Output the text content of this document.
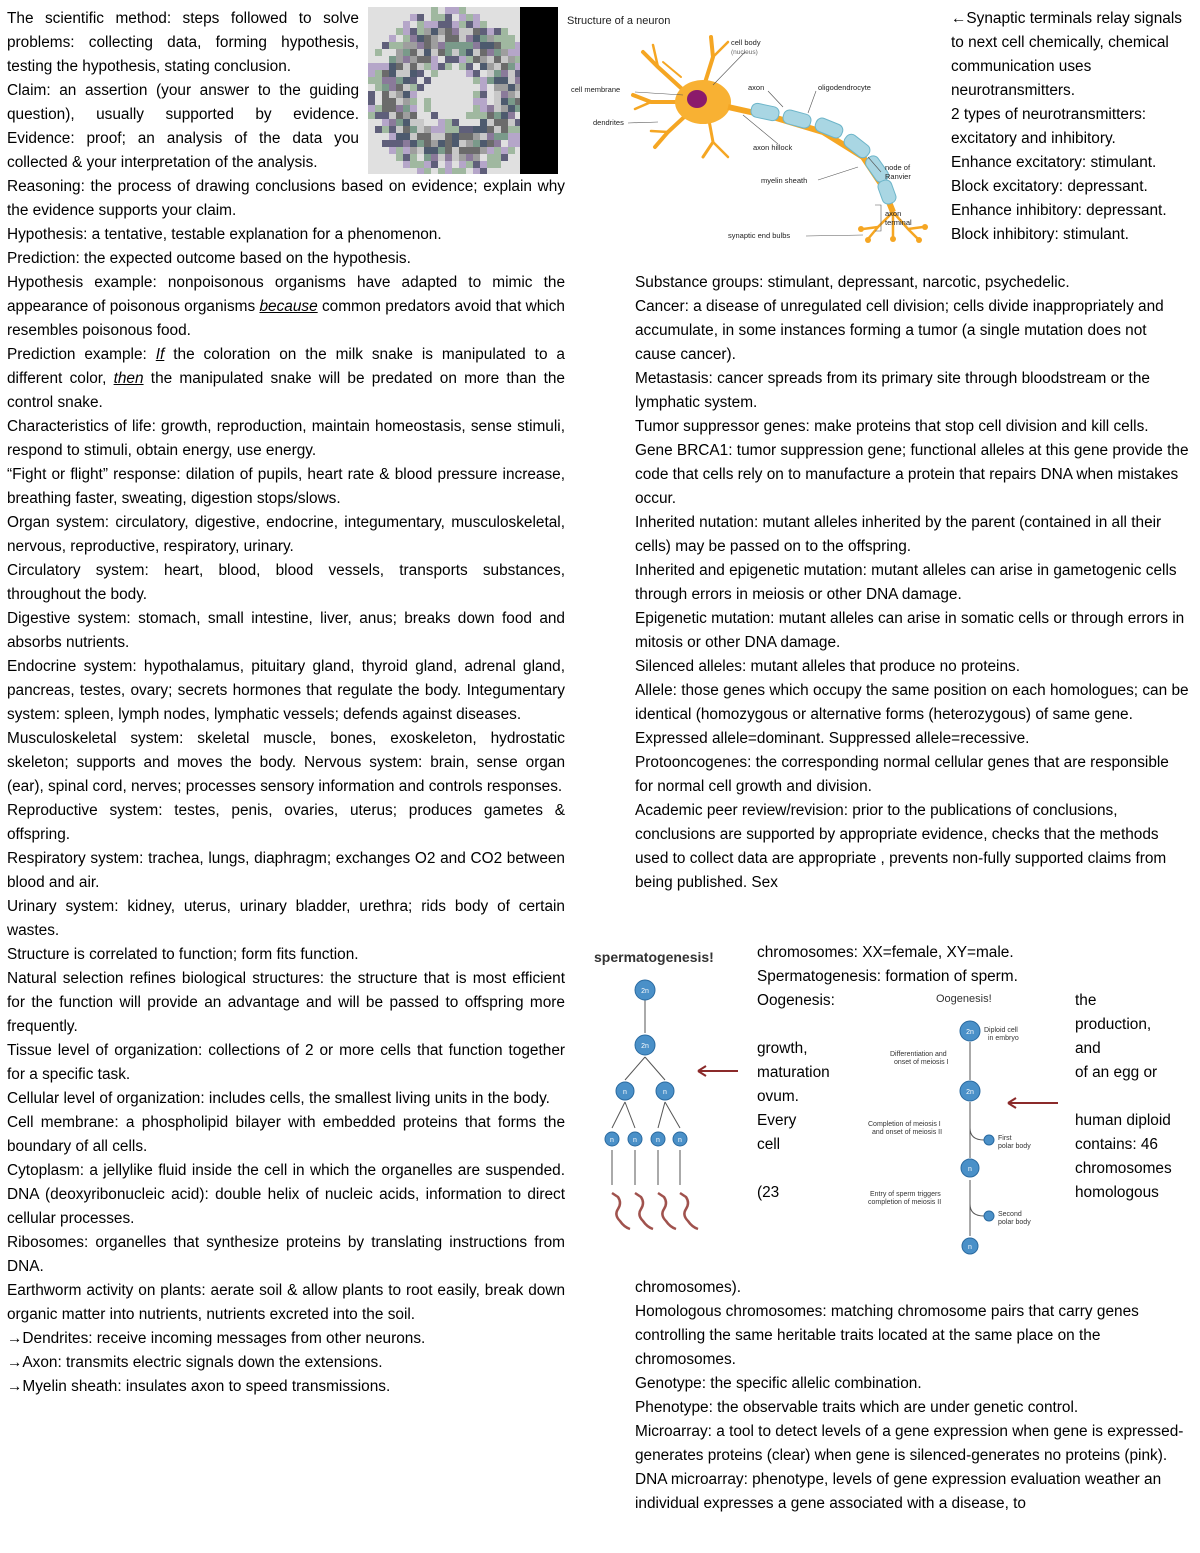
The scientific method: steps followed to solve problems: collecting data, forming hypothesis, testing the hypothesis, stating conclusion.

Claim: an assertion (your answer to the guiding question), usually supported by evidence. Evidence: proof; an analysis of the data you collected & your interpretation of the analysis.

Reasoning: the process of drawing conclusions based on evidence; explain why the evidence supports your claim.

Hypothesis: a tentative, testable explanation for a phenomenon.

Prediction: the expected outcome based on the hypothesis.

Hypothesis example: nonpoisonous organisms have adapted to mimic the appearance of poisonous organisms because common predators avoid that which resembles poisonous food.

Prediction example: If the coloration on the milk snake is manipulated to a different color, then the manipulated snake will be predated on more than the control snake.

Characteristics of life: growth, reproduction, maintain homeostasis, sense stimuli, respond to stimuli, obtain energy, use energy.

“Fight or flight” response: dilation of pupils, heart rate & blood pressure increase, breathing faster, sweating, digestion stops/slows.

Organ system: circulatory, digestive, endocrine, integumentary, musculoskeletal, nervous, reproductive, respiratory, urinary.

Circulatory system: heart, blood, blood vessels, transports substances, throughout the body.

Digestive system: stomach, small intestine, liver, anus; breaks down food and absorbs nutrients.

Endocrine system: hypothalamus, pituitary gland, thyroid gland, adrenal gland, pancreas, testes, ovary; secrets hormones that regulate the body. Integumentary system: spleen, lymph nodes, lymphatic vessels; defends against diseases.

Musculoskeletal system: skeletal muscle, bones, exoskeleton, hydrostatic skeleton; supports and moves the body. Nervous system: brain, sense organ (ear), spinal cord, nerves; processes sensory information and controls responses.

Reproductive system: testes, penis, ovaries, uterus; produces gametes & offspring.

Respiratory system: trachea, lungs, diaphragm; exchanges O2 and CO2 between blood and air.

Urinary system: kidney, uterus, urinary bladder, urethra; rids body of certain wastes.

Structure is correlated to function; form fits function.

Natural selection refines biological structures: the structure that is most efficient for the function will provide an advantage and will be passed to offspring more frequently.

Tissue level of organization: collections of 2 or more cells that function together for a specific task.

Cellular level of organization: includes cells, the smallest living units in the body.

Cell membrane: a phospholipid bilayer with embedded proteins that forms the boundary of all cells.

Cytoplasm: a jellylike fluid inside the cell in which the organelles are suspended. DNA (deoxyribonucleic acid): double helix of nucleic acids, information to direct cellular processes.

Ribosomes: organelles that synthesize proteins by translating instructions from DNA.

Earthworm activity on plants: aerate soil & allow plants to root easily, break down organic matter into nutrients, nutrients excreted into the soil.

→Dendrites: receive incoming messages from other neurons.

→Axon: transmits electric signals down the extensions.

→Myelin sheath: insulates axon to speed transmissions.

Structure of a neuron
cell body
(nucleus)
cell membrane
dendrites
axon	oligodendrocyte
axon hillock
node of
Ranvier
myelin sheath
axon
terminal
synaptic end bulbs

←Synaptic terminals relay signals to next cell chemically, chemical communication uses neurotransmitters.

2 types of neurotransmitters: excitatory and inhibitory.

Enhance excitatory: stimulant. Block excitatory: depressant.

Enhance inhibitory: depressant. Block inhibitory: stimulant.

Substance groups: stimulant, depressant, narcotic, psychedelic.

Cancer: a disease of unregulated cell division; cells divide inappropriately and accumulate, in some instances forming a tumor (a single mutation does not cause cancer).

Metastasis: cancer spreads from its primary site through bloodstream or the lymphatic system.

Tumor suppressor genes: make proteins that stop cell division and kill cells.

Gene BRCA1: tumor suppression gene; functional alleles at this gene provide the code that cells rely on to manufacture a protein that repairs DNA when mistakes occur.

Inherited nutation: mutant alleles inherited by the parent (contained in all their cells) may be passed on to the offspring.

Inherited and epigenetic mutation: mutant alleles can arise in gametogenic cells through errors in meiosis or other DNA damage.

Epigenetic mutation: mutant alleles can arise in somatic cells or through errors in mitosis or other DNA damage.

Silenced alleles: mutant alleles that produce no proteins.

Allele: those genes which occupy the same position on each homologues; can be identical (homozygous or alternative forms (heterozygous) of same gene.

Expressed allele=dominant. Suppressed allele=recessive.

Protooncogenes: the corresponding normal cellular genes that are responsible for normal cell growth and division.

Academic peer review/revision: prior to the publications of conclusions, conclusions are supported by appropriate evidence, checks that the methods used to collect data are appropriate , prevents non-fully supported claims from being published. Sex

spermatogenesis!
2n
2n
n	n
n	n	n	n
chromosomes: XX=female, XY=male.
Spermatogenesis: formation of sperm.
Oogenesis:	the
production,
growth,	and
maturation	of an egg or
ovum.
Every	human diploid
cell	contains: 46
chromosomes
(23	homologous
Oogenesis!
2n
2n
n
n
Diploid cell
in embryo
Differentiation and
onset of meiosis I
Completion of meiosis I
and onset of meiosis II
First
polar body
Entry of sperm triggers
completion of meiosis II
Second
polar body

chromosomes).

Homologous chromosomes: matching chromosome pairs that carry genes controlling the same heritable traits located at the same place on the chromosomes.

Genotype: the specific allelic combination.

Phenotype: the observable traits which are under genetic control.

Microarray: a tool to detect levels of a gene expression when gene is expressed-generates proteins (clear) when gene is silenced-generates no proteins (pink).

DNA microarray: phenotype, levels of gene expression evaluation weather an individual expresses a gene associated with a disease, to
